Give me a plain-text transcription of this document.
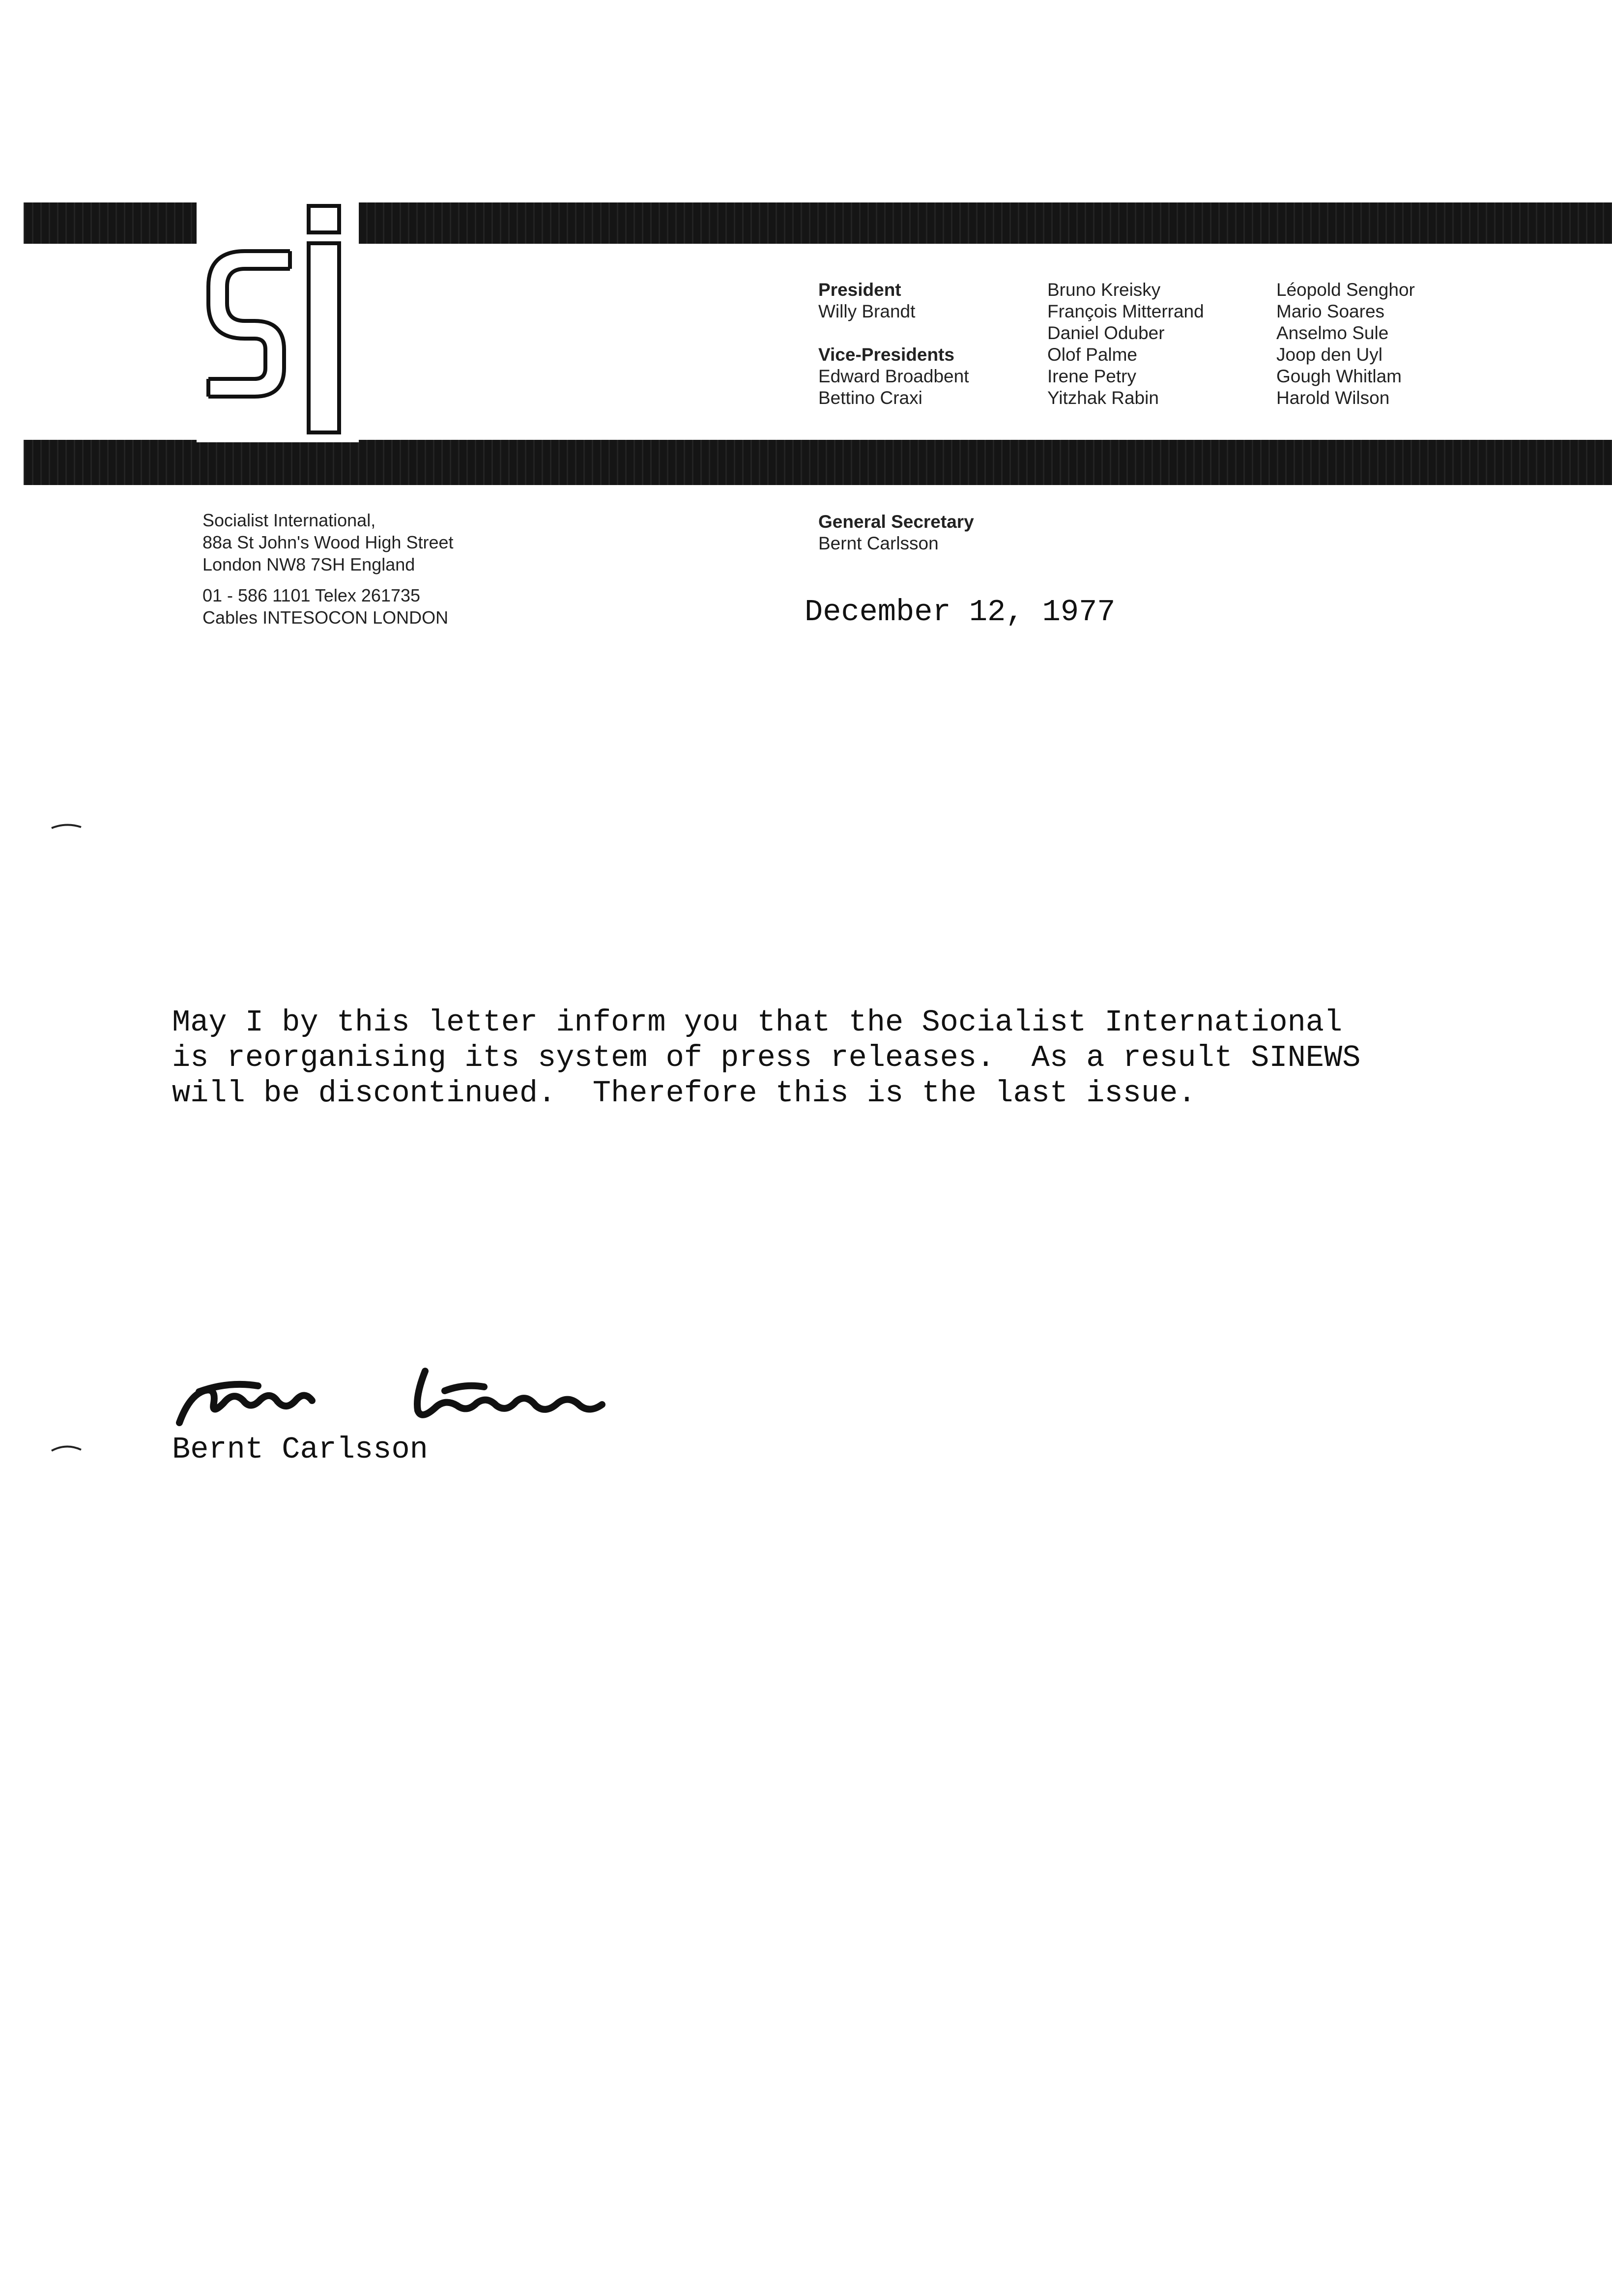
President
Willy Brandt
Vice-Presidents
Edward Broadbent
Bettino Craxi
Bruno Kreisky
François Mitterrand
Daniel Oduber
Olof Palme
Irene Petry
Yitzhak Rabin
Léopold Senghor
Mario Soares
Anselmo Sule
Joop den Uyl
Gough Whitlam
Harold Wilson
Socialist International,
88a St John's Wood High Street
London NW8 7SH England
01 - 586 1101 Telex 261735
Cables INTESOCON LONDON
General Secretary
Bernt Carlsson
December 12, 1977
May I by this letter inform you that the Socialist International
is reorganising its system of press releases.  As a result SINEWS
will be discontinued.  Therefore this is the last issue.
Bernt Carlsson
